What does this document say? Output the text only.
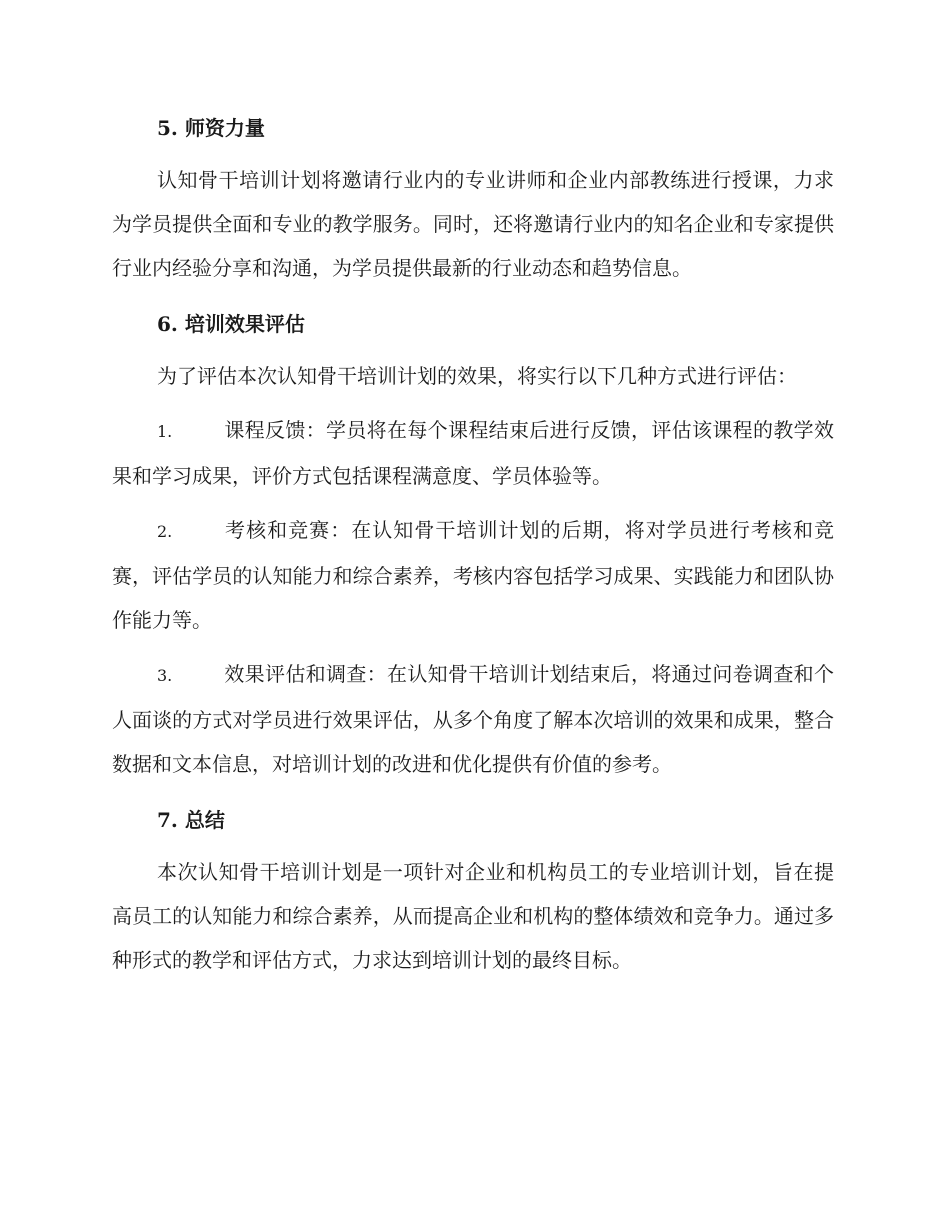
5. 师资力量

认知骨干培训计划将邀请行业内的专业讲师和企业内部教练进行授课，力求为学员提供全面和专业的教学服务。同时，还将邀请行业内的知名企业和专家提供行业内经验分享和沟通，为学员提供最新的行业动态和趋势信息。

6. 培训效果评估

为了评估本次认知骨干培训计划的效果，将实行以下几种方式进行评估：

1.	课程反馈：学员将在每个课程结束后进行反馈，评估该课程的教学效果和学习成果，评价方式包括课程满意度、学员体验等。

2.	考核和竞赛：在认知骨干培训计划的后期，将对学员进行考核和竞赛，评估学员的认知能力和综合素养，考核内容包括学习成果、实践能力和团队协作能力等。

3.	效果评估和调查：在认知骨干培训计划结束后，将通过问卷调查和个人面谈的方式对学员进行效果评估，从多个角度了解本次培训的效果和成果，整合数据和文本信息，对培训计划的改进和优化提供有价值的参考。

7. 总结

本次认知骨干培训计划是一项针对企业和机构员工的专业培训计划，旨在提高员工的认知能力和综合素养，从而提高企业和机构的整体绩效和竞争力。通过多种形式的教学和评估方式，力求达到培训计划的最终目标。
